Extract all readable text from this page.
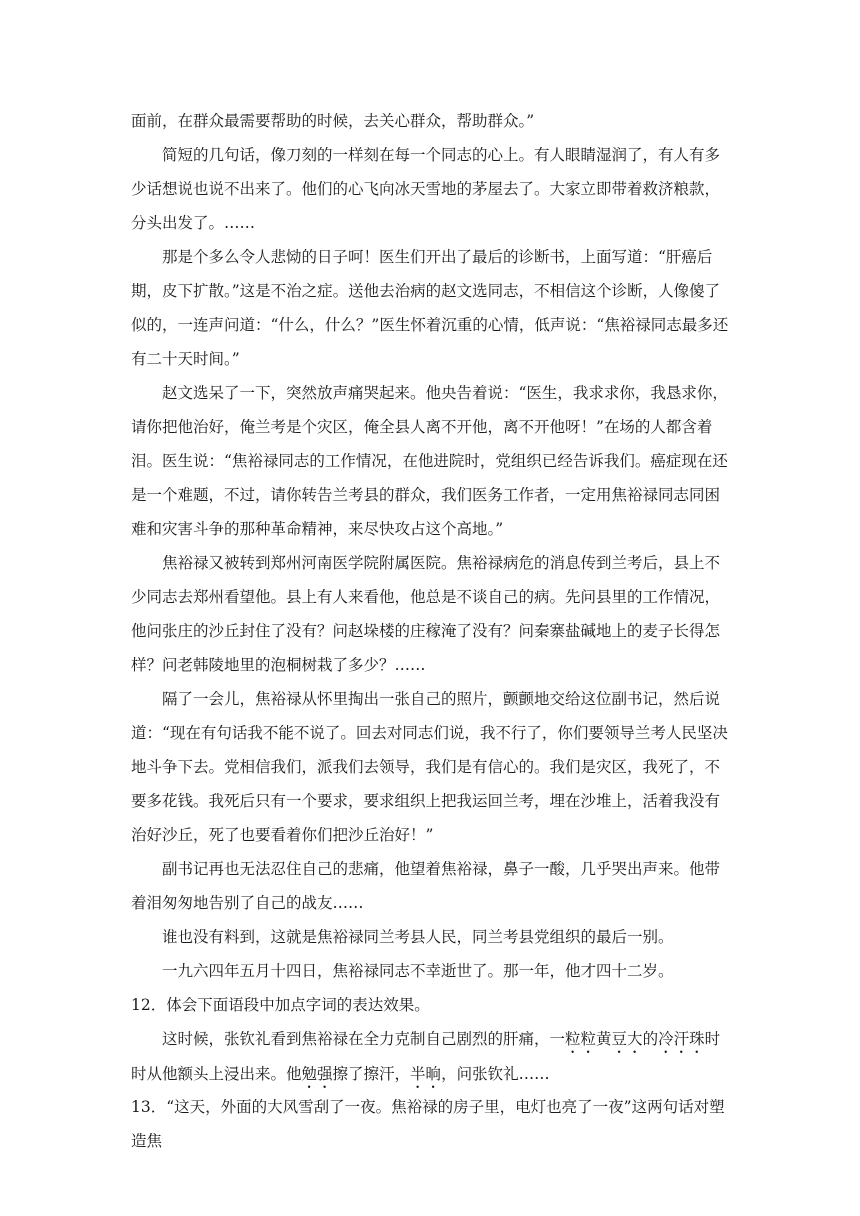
面前，在群众最需要帮助的时候，去关心群众，帮助群众。”

简短的几句话，像刀刻的一样刻在每一个同志的心上。有人眼睛湿润了，有人有多少话想说也说不出来了。他们的心飞向冰天雪地的茅屋去了。大家立即带着救济粮款，分头出发了。……

那是个多么令人悲恸的日子呵！医生们开出了最后的诊断书，上面写道：“肝癌后期，皮下扩散。”这是不治之症。送他去治病的赵文选同志，不相信这个诊断，人像傻了似的，一连声问道：“什么，什么？”医生怀着沉重的心情，低声说：“焦裕禄同志最多还有二十天时间。”

赵文选呆了一下，突然放声痛哭起来。他央告着说：“医生，我求求你，我恳求你，请你把他治好，俺兰考是个灾区，俺全县人离不开他，离不开他呀！”在场的人都含着泪。医生说：“焦裕禄同志的工作情况，在他进院时，党组织已经告诉我们。癌症现在还是一个难题，不过，请你转告兰考县的群众，我们医务工作者，一定用焦裕禄同志同困难和灾害斗争的那种革命精神，来尽快攻占这个高地。”

焦裕禄又被转到郑州河南医学院附属医院。焦裕禄病危的消息传到兰考后，县上不少同志去郑州看望他。县上有人来看他，他总是不谈自己的病。先问县里的工作情况，他问张庄的沙丘封住了没有？问赵垛楼的庄稼淹了没有？问秦寨盐碱地上的麦子长得怎样？问老韩陵地里的泡桐树栽了多少？……

隔了一会儿，焦裕禄从怀里掏出一张自己的照片，颤颤地交给这位副书记，然后说道：“现在有句话我不能不说了。回去对同志们说，我不行了，你们要领导兰考人民坚决地斗争下去。党相信我们，派我们去领导，我们是有信心的。我们是灾区，我死了，不要多花钱。我死后只有一个要求，要求组织上把我运回兰考，埋在沙堆上，活着我没有治好沙丘，死了也要看着你们把沙丘治好！”

副书记再也无法忍住自己的悲痛，他望着焦裕禄，鼻子一酸，几乎哭出声来。他带着泪匆匆地告别了自己的战友……

谁也没有料到，这就是焦裕禄同兰考县人民，同兰考县党组织的最后一别。

一九六四年五月十四日，焦裕禄同志不幸逝世了。那一年，他才四十二岁。

12．体会下面语段中加点字词的表达效果。

这时候，张钦礼看到焦裕禄在全力克制自己剧烈的肝痛，一粒粒黄豆大的冷汗珠时时从他额头上浸出来。他勉强擦了擦汗，半晌，问张钦礼……

13．“这天，外面的大风雪刮了一夜。焦裕禄的房子里，电灯也亮了一夜”这两句话对塑造焦
